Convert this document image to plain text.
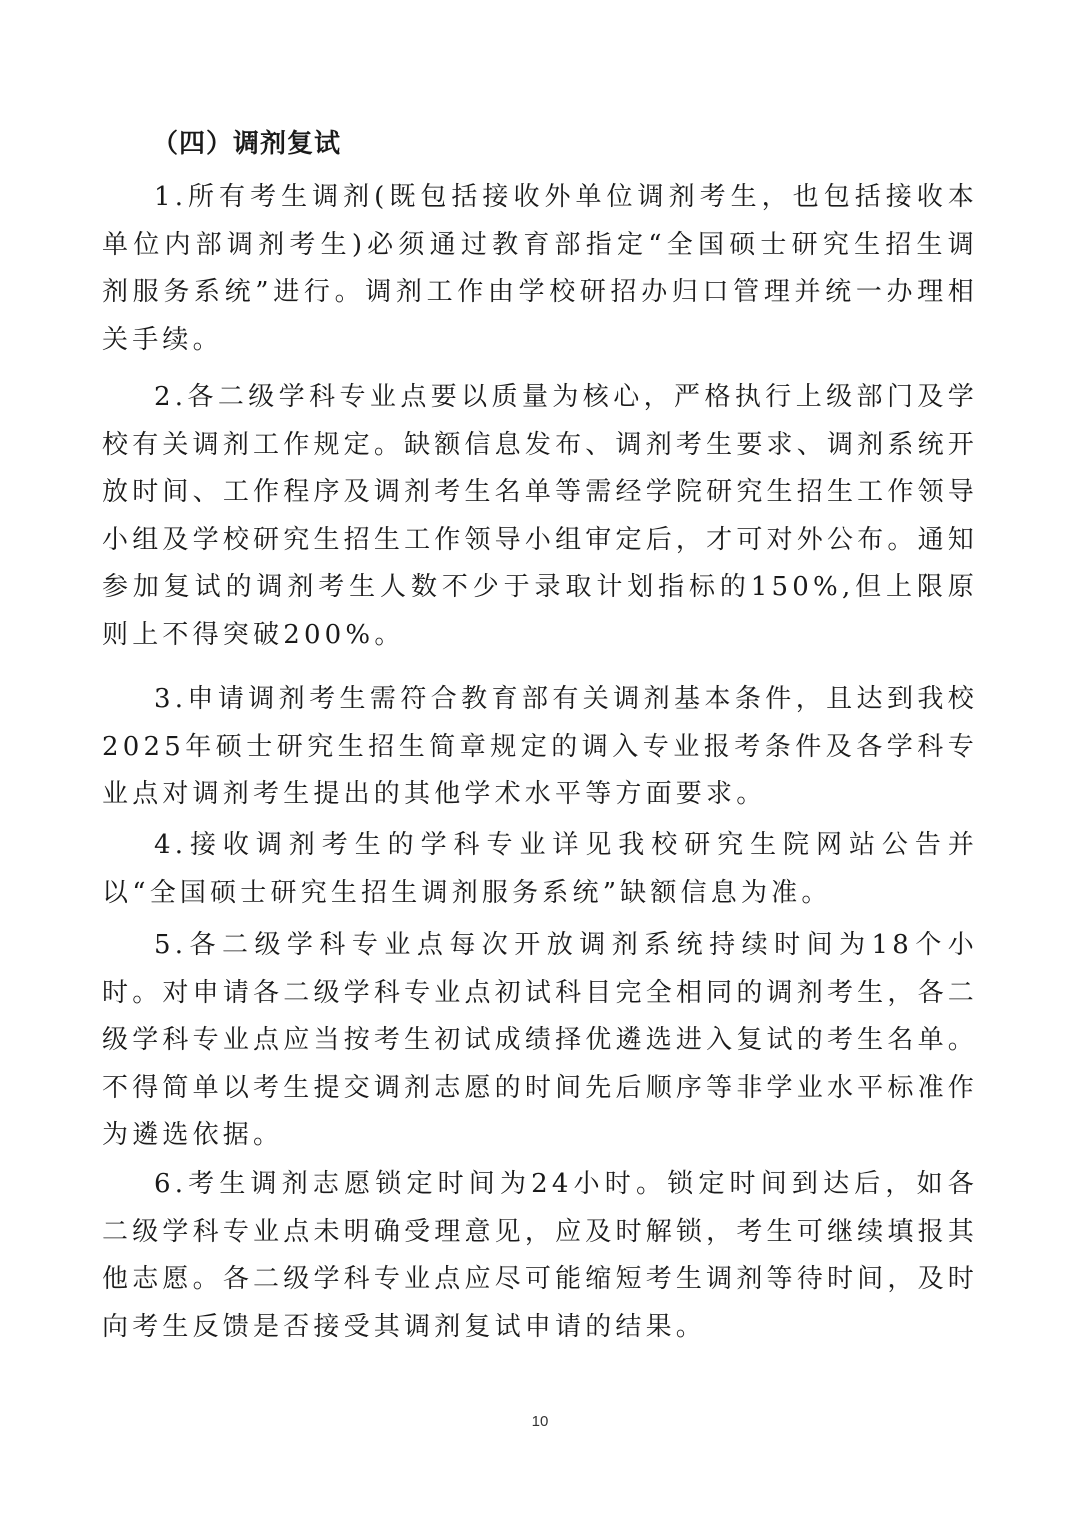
（四）调剂复试

1.所有考生调剂(既包括接收外单位调剂考生，也包括接收本单位内部调剂考生)必须通过教育部指定“全国硕士研究生招生调剂服务系统”进行。调剂工作由学校研招办归口管理并统一办理相关手续。

2.各二级学科专业点要以质量为核心，严格执行上级部门及学校有关调剂工作规定。缺额信息发布、调剂考生要求、调剂系统开放时间、工作程序及调剂考生名单等需经学院研究生招生工作领导小组及学校研究生招生工作领导小组审定后，才可对外公布。通知参加复试的调剂考生人数不少于录取计划指标的150%,但上限原则上不得突破200%。

3.申请调剂考生需符合教育部有关调剂基本条件，且达到我校2025年硕士研究生招生简章规定的调入专业报考条件及各学科专业点对调剂考生提出的其他学术水平等方面要求。

4.接收调剂考生的学科专业详见我校研究生院网站公告并以“全国硕士研究生招生调剂服务系统”缺额信息为准。

5.各二级学科专业点每次开放调剂系统持续时间为18个小时。对申请各二级学科专业点初试科目完全相同的调剂考生，各二级学科专业点应当按考生初试成绩择优遴选进入复试的考生名单。不得简单以考生提交调剂志愿的时间先后顺序等非学业水平标准作为遴选依据。

6.考生调剂志愿锁定时间为24小时。锁定时间到达后，如各二级学科专业点未明确受理意见，应及时解锁，考生可继续填报其他志愿。各二级学科专业点应尽可能缩短考生调剂等待时间，及时向考生反馈是否接受其调剂复试申请的结果。

10
